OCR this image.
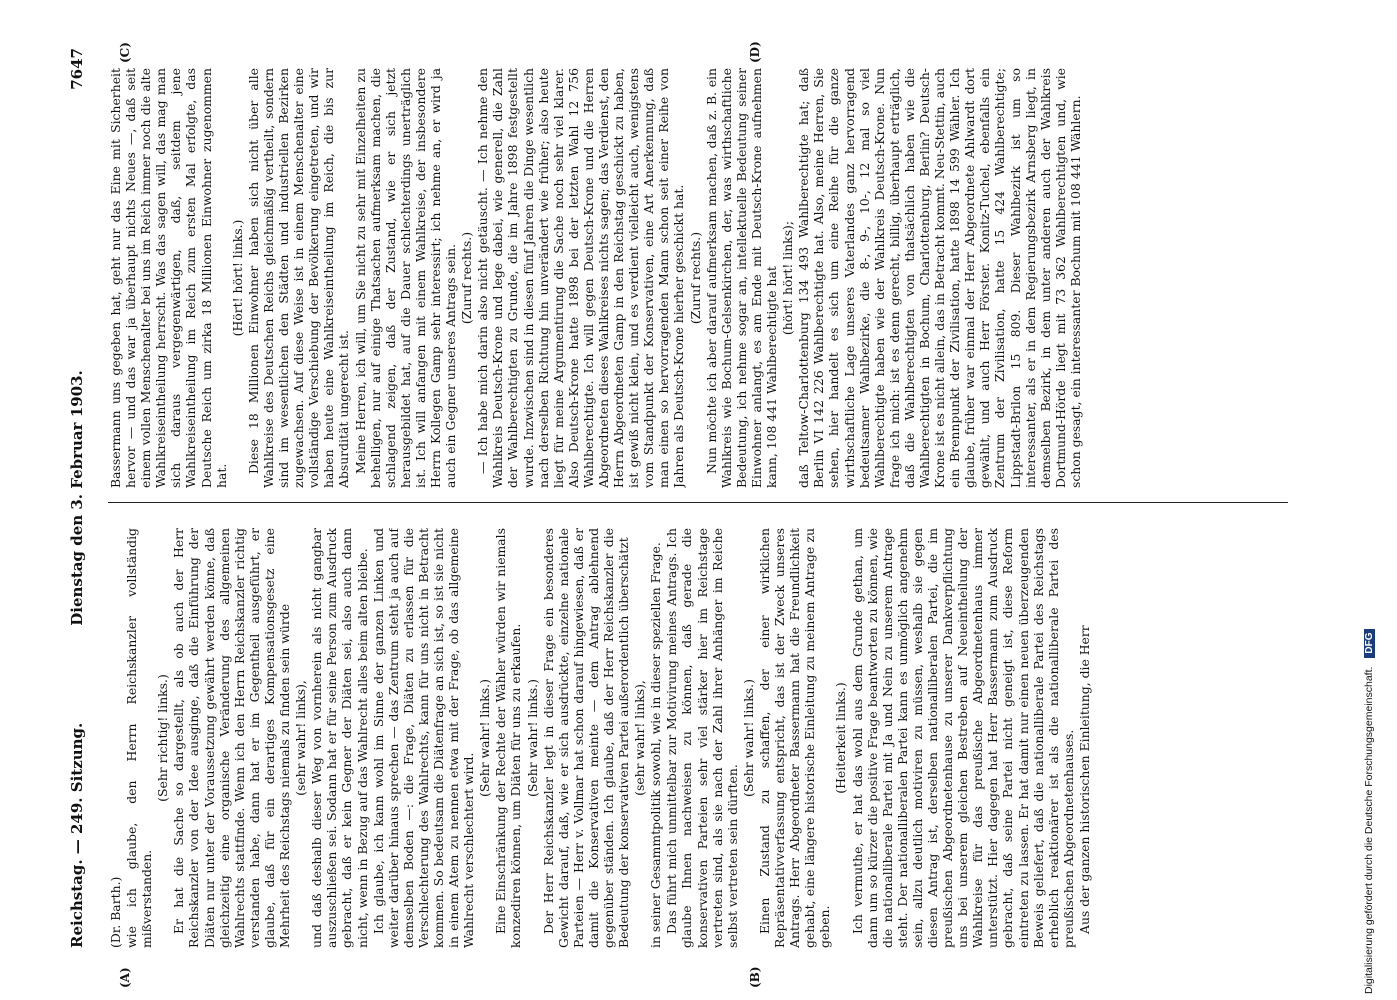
Reichstag. — 249. Sitzung.
Dienstag den 3. Februar 1903.
7647
(A)	(B)
(C)	(D)

(Dr. Barth.) wie ich glaube, den Herrn Reichskanzler vollständig mißverstanden.

(Sehr richtig! links.) Er hat die Sache so dargestellt, als ob auch der Herr Reichskanzler von der Idee ausginge, daß die Einführung der Diäten nur unter der Voraussetzung gewährt werden könne, daß gleichzeitig eine organische Veränderung des allgemeinen Wahlrechts stattfinde. Wenn ich den Herrn Reichskanzler richtig verstanden habe, dann hat er im Gegentheil ausgeführt, er glaube, daß für ein derartiges Kompensationsgesetz eine Mehrheit des Reichstags niemals zu finden sein würde (sehr wahr! links), und daß deshalb dieser Weg von vornherein als nicht gangbar auszuschließen sei. Sodann hat er für seine Person zum Ausdruck gebracht, daß er kein Gegner der Diäten sei, also auch dann nicht, wenn in Bezug auf das Wahlrecht alles beim alten bleibe. Ich glaube, ich kann wohl im Sinne der ganzen Linken und weiter darüber hinaus sprechen — das Zentrum steht ja auch auf demselben Boden —: die Frage, Diäten zu erlassen für die Verschlechterung des Wahlrechts, kann für uns nicht in Betracht kommen. So bedeutsam die Diätenfrage an sich ist, so ist sie nicht in einem Atem zu nennen etwa mit der Frage, ob das allgemeine Wahlrecht verschlechtert wird.

(Sehr wahr! links.) Eine Einschränkung der Rechte der Wähler würden wir niemals konzediren können, um Diäten für uns zu erkaufen. (Sehr wahr! links.) Der Herr Reichskanzler legt in dieser Frage ein besonderes Gewicht darauf, daß, wie er sich ausdrückte, einzelne nationale Parteien — Herr v. Vollmar hat schon darauf hingewiesen, daß er damit die Konservativen meinte — dem Antrag ablehnend gegenüber ständen. Ich glaube, daß der Herr Reichskanzler die Bedeutung der konservativen Partei außerordentlich überschätzt (sehr wahr! links), in seiner Gesammtpolitik sowohl, wie in dieser speziellen Frage. Das führt mich unmittelbar zur Motivirung meines Antrags. Ich glaube Ihnen nachweisen zu können, daß gerade die konservativen Parteien sehr viel stärker hier im Reichstage vertreten sind, als sie nach der Zahl ihrer Anhänger im Reiche selbst vertreten sein dürften.

(Sehr wahr! links.) Einen Zustand zu schaffen, der einer wirklichen Repräsentativverfassung entspricht, das ist der Zweck unseres Antrags. Herr Abgeordneter Bassermann hat die Freundlichkeit gehabt, eine längere historische Einleitung zu meinem Antrage zu geben.

(Heiterkeit links.) Ich vermuthe, er hat das wohl aus dem Grunde gethan, um dann um so kürzer die positive Frage beantworten zu können, wie die nationalliberale Partei mit Ja und Nein zu unserem Antrage steht. Der nationalliberalen Partei kann es unmöglich angenehm sein, allzu deutlich motiviren zu müssen, weshalb sie gegen diesen Antrag ist, derselben nationalliberalen Partei, die im preußischen Abgeordnetenhause zu unserer Dankverpflichtung uns bei unserem gleichen Bestreben auf Neueintheilung der Wahlkreise für das preußische Abgeordnetenhaus immer unterstützt. Hier dagegen hat Herr Bassermann zum Ausdruck gebracht, daß seine Partei nicht geneigt ist, diese Reform eintreten zu lassen. Er hat damit nur einen neuen überzeugenden Beweis geliefert, daß die nationalliberale Partei des Reichstags erheblich reaktionärer ist als die nationalliberale Partei des preußischen Abgeordnetenhauses. Aus der ganzen historischen Einleitung, die Herr

Bassermann uns gegeben hat, geht nur das Eine mit Sicherheit hervor — und das war ja überhaupt nichts Neues —, daß seit einem vollen Menschenalter bei uns im Reich immer noch die alte Wahlkreiseintheilung herrscht. Was das sagen will, das mag man sich daraus vergegenwärtigen, daß, seitdem jene Wahlkreiseintheilung im Reich zum ersten Mal erfolgte, das Deutsche Reich um zirka 18 Millionen Einwohner zugenommen hat.

(Hört! hört! links.) Diese 18 Millionen Einwohner haben sich nicht über alle Wahlkreise des Deutschen Reichs gleichmäßig vertheilt, sondern sind im wesentlichen den Städten und industriellen Bezirken zugewachsen. Auf diese Weise ist in einem Menschenalter eine vollständige Verschiebung der Bevölkerung eingetreten, und wir haben heute eine Wahlkreiseintheilung im Reich, die bis zur Absurdität ungerecht ist. Meine Herren, ich will, um Sie nicht zu sehr mit Einzelheiten zu behelligen, nur auf einige Thatsachen aufmerksam machen, die schlagend zeigen, daß der Zustand, wie er sich jetzt herausgebildet hat, auf die Dauer schlechterdings unerträglich ist. Ich will anfangen mit einem Wahlkreise, der insbesondere Herrn Kollegen Gamp sehr interessirt; ich nehme an, er wird ja auch ein Gegner unseres Antrags sein. (Zuruf rechts.) — Ich habe mich darin also nicht getäuscht. — Ich nehme den Wahlkreis Deutsch-Krone und lege dabei, wie generell, die Zahl der Wahlberechtigten zu Grunde, die im Jahre 1898 festgestellt wurde. Inzwischen sind in diesen fünf Jahren die Dinge wesentlich nach derselben Richtung hin unverändert wie früher; also heute liegt für meine Argumentirung die Sache noch sehr viel klarer. Also Deutsch-Krone hatte 1898 bei der letzten Wahl 12 756 Wahlberechtigte. Ich will gegen Deutsch-Krone und die Herren Abgeordneten dieses Wahlkreises nichts sagen; das Verdienst, den Herrn Abgeordneten Gamp in den Reichstag geschickt zu haben, ist gewiß nicht klein, und es verdient vielleicht auch, wenigstens vom Standpunkt der Konservativen, eine Art Anerkennung, daß man einen so hervorragenden Mann schon seit einer Reihe von Jahren als Deutsch-Krone hierher geschickt hat. (Zuruf rechts.) Nun möchte ich aber darauf aufmerksam machen, daß z. B. ein Wahlkreis wie Bochum-Gelsenkirchen, der, was wirthschaftliche Bedeutung, ich nehme sogar an, intellektuelle Bedeutung seiner Einwohner anlangt, es am Ende mit Deutsch-Krone aufnehmen kann, 108 441 Wahlberechtigte hat (hört! hört! links); daß Teltow-Charlottenburg 134 493 Wahlberechtigte hat; daß Berlin VI 142 226 Wahlberechtigte hat. Also, meine Herren, Sie sehen, hier handelt es sich um eine Reihe für die ganze wirthschaftliche Lage unseres Vaterlandes ganz hervorragend bedeutsamer Wahlbezirke, die 8-, 9-, 10-, 12 mal so viel Wahlberechtigte haben wie der Wahlkreis Deutsch-Krone. Nun frage ich mich: ist es denn gerecht, billig, überhaupt erträglich, daß die Wahlberechtigten von thatsächlich haben wie die Wahlberechtigten in Bochum, Charlottenburg, Berlin? Deutsch-Krone ist es nicht allein, das in Betracht kommt. Neu-Stettin, auch ein Brennpunkt der Zivilisation, hatte 1898 14 599 Wähler. Ich glaube, früher war einmal der Herr Abgeordnete Ahlwardt dort gewählt, und auch Herr Förster. Konitz-Tuchel, ebenfalls ein Zentrum der Zivilisation, hatte 15 424 Wahlberechtigte; Lippstadt-Brilon 15 809. Dieser Wahlbezirk ist um so interessanter, als er in dem Regierungsbezirk Arnsberg liegt, in demselben Bezirk, in dem unter anderen auch der Wahlkreis Dortmund-Hörde liegt mit 73 362 Wahlberechtigten und, wie schon gesagt, ein interessanter Bochum mit 108 441 Wählern.

Digitalisierung gefördert durch die Deutsche Forschungsgemeinschaft. DFG
